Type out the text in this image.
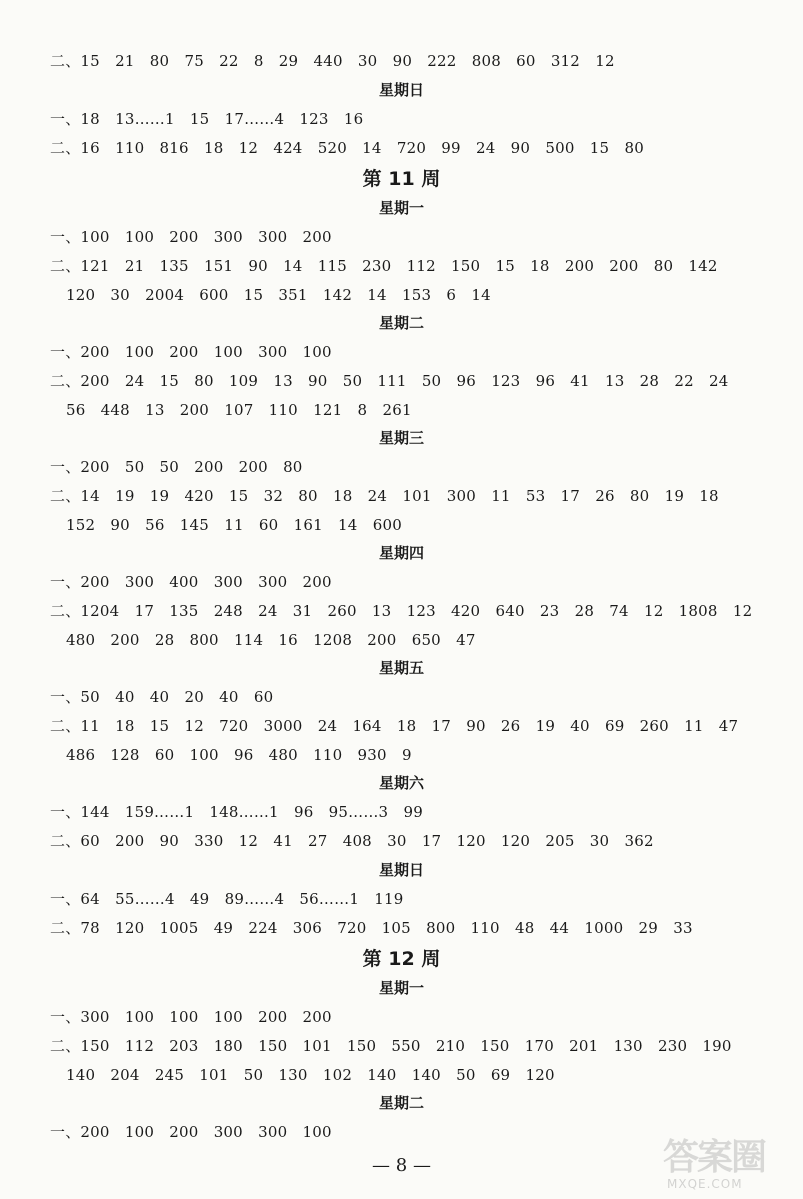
二、15　21　80　75　22　8　29　440　30　90　222　808　60　312　12
星期日
一、18　13……1　15　17……4　123　16
二、16　110　816　18　12　424　520　14　720　99　24　90　500　15　80
第 11 周
星期一
一、100　100　200　300　300　200
二、121　21　135　151　90　14　115　230　112　150　15　18　200　200　80　142
120　30　2004　600　15　351　142　14　153　6　14
星期二
一、200　100　200　100　300　100
二、200　24　15　80　109　13　90　50　111　50　96　123　96　41　13　28　22　24
56　448　13　200　107　110　121　8　261
星期三
一、200　50　50　200　200　80
二、14　19　19　420　15　32　80　18　24　101　300　11　53　17　26　80　19　18
152　90　56　145　11　60　161　14　600
星期四
一、200　300　400　300　300　200
二、1204　17　135　248　24　31　260　13　123　420　640　23　28　74　12　1808　12
480　200　28　800　114　16　1208　200　650　47
星期五
一、50　40　40　20　40　60
二、11　18　15　12　720　3000　24　164　18　17　90　26　19　40　69　260　11　47
486　128　60　100　96　480　110　930　9
星期六
一、144　159……1　148……1　96　95……3　99
二、60　200　90　330　12　41　27　408　30　17　120　120　205　30　362
星期日
一、64　55……4　49　89……4　56……1　119
二、78　120　1005　49　224　306　720　105　800　110　48　44　1000　29　33
第 12 周
星期一
一、300　100　100　100　200　200
二、150　112　203　180　150　101　150　550　210　150　170　201　130　230　190
140　204　245　101　50　130　102　140　140　50　69　120
星期二
一、200　100　200　300　300　100
— 8 —	答案圈
MXQE.COM
